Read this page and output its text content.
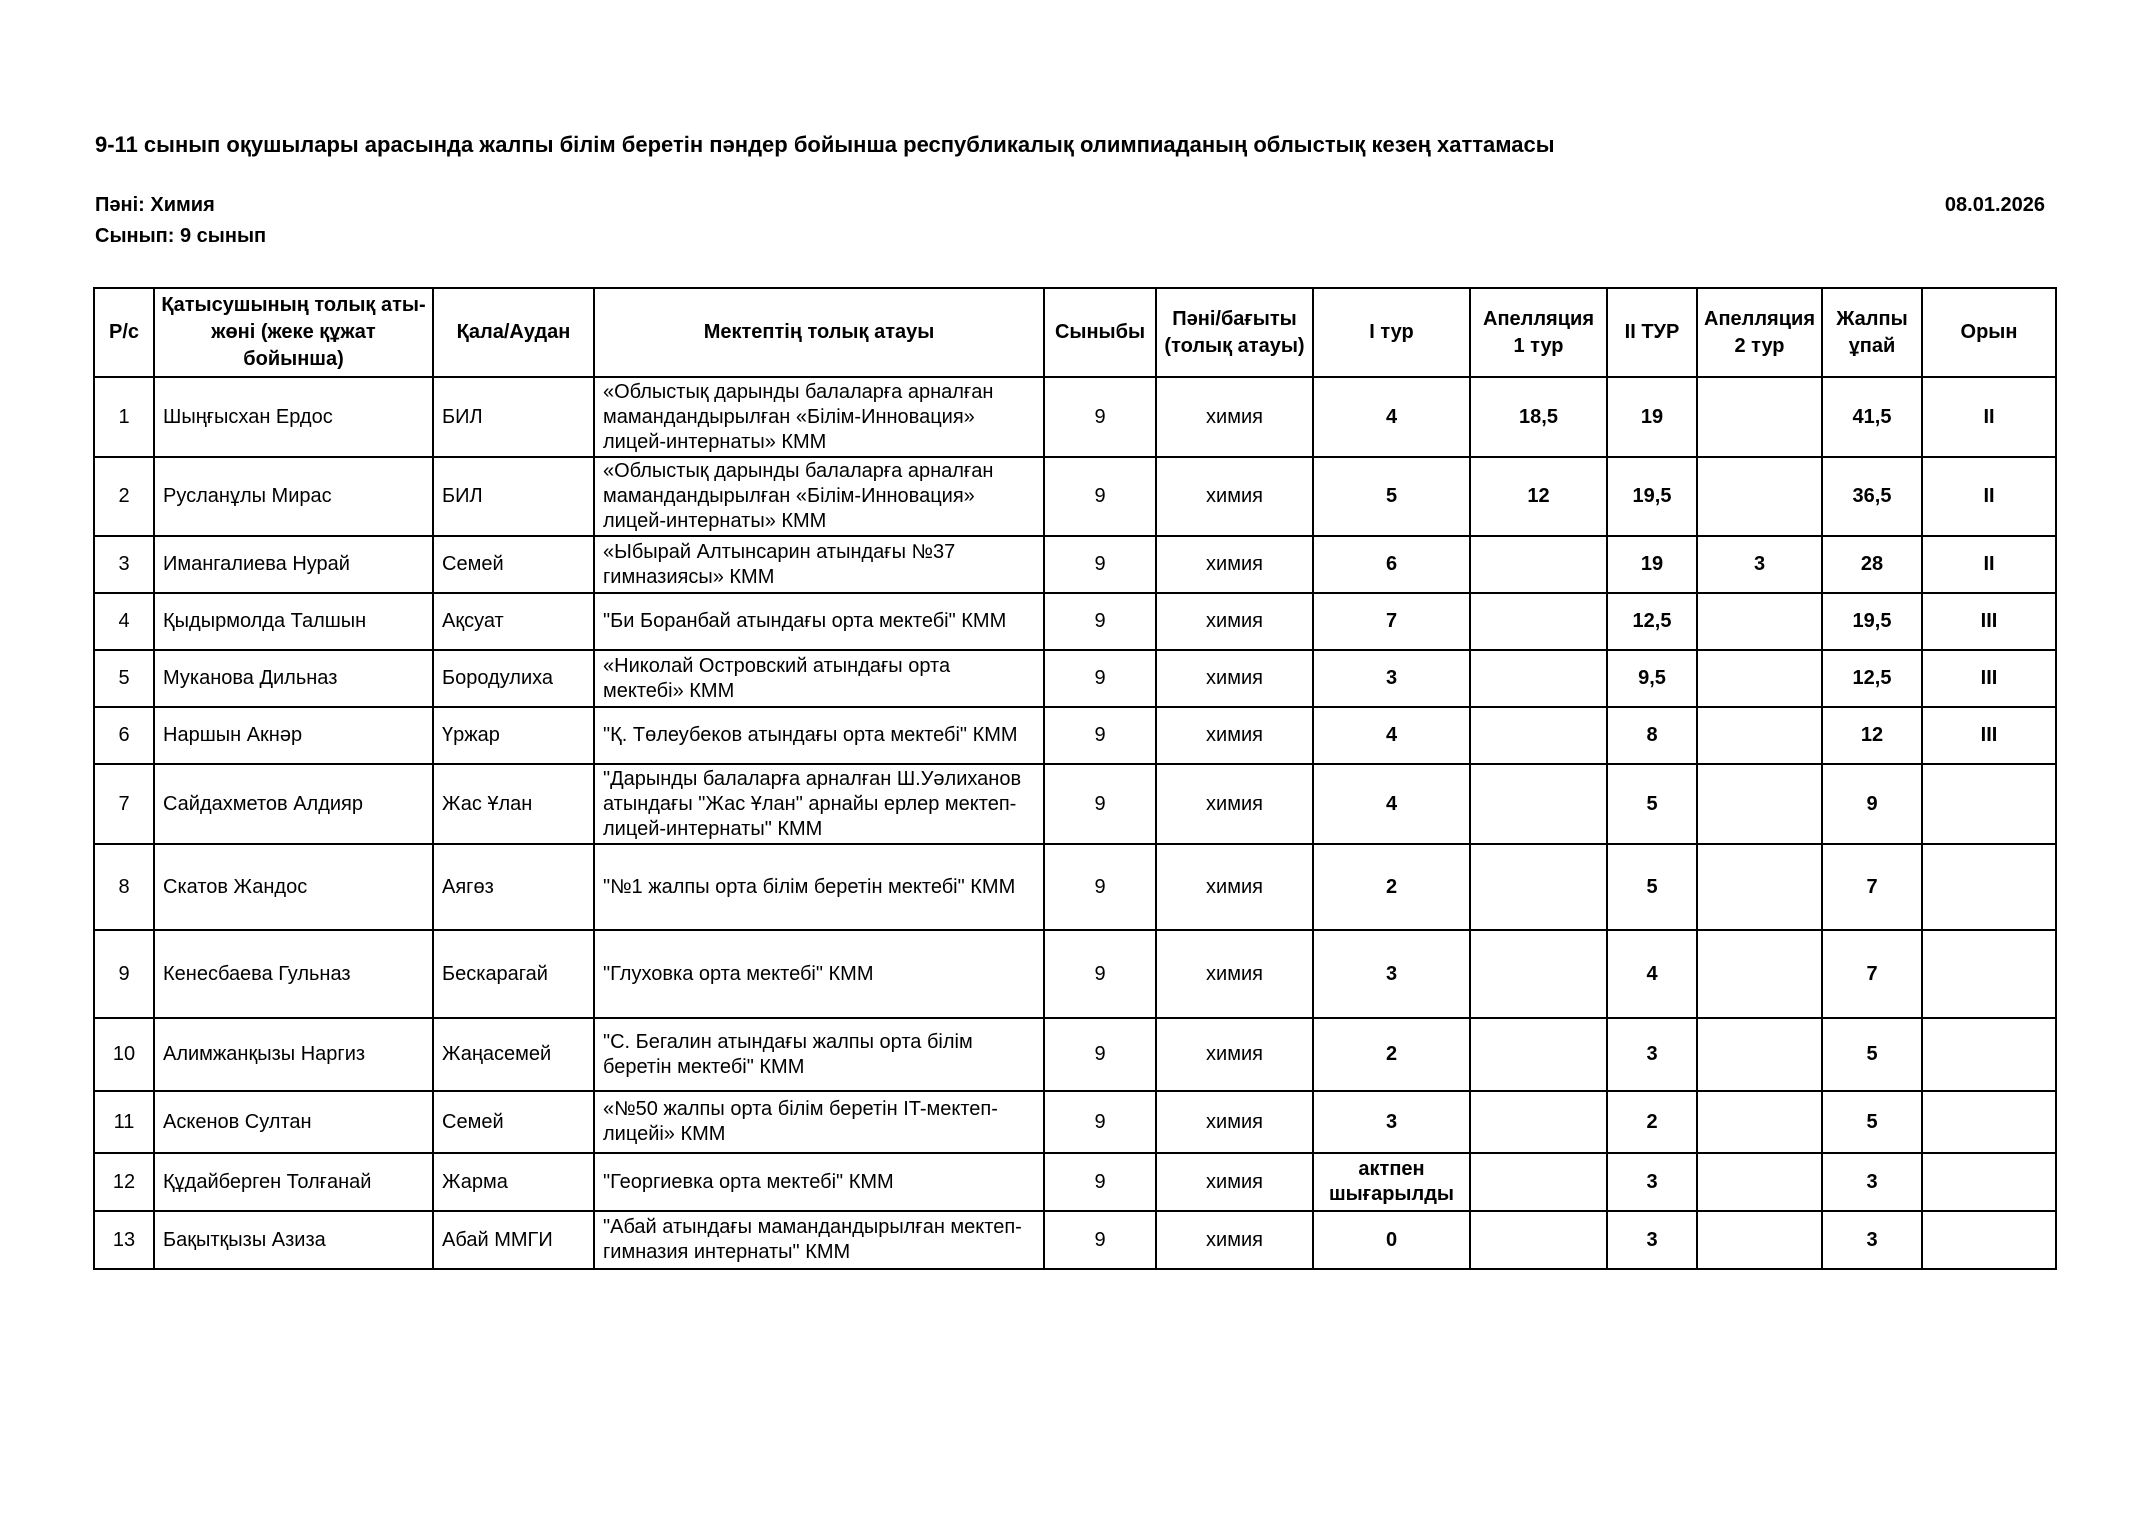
9-11 сынып оқушылары арасында жалпы білім беретін пәндер бойынша республикалық олимпиаданың облыстық кезең хаттамасы
Пәні: Химия
Сынып: 9 сынып
08.01.2026
Р/с	Қатысушының толық аты-жөні (жеке құжат бойынша)	Қала/Аудан	Мектептің толық атауы	Сыныбы	Пәні/бағыты (толық атауы)	I тур	Апелляция 1 тур	II ТУР	Апелляция 2 тур	Жалпы ұпай	Орын
1	Шыңғысхан Ердос	БИЛ	«Облыстық дарынды балаларға арналған мамандандырылған «Білім-Инновация» лицей-интернаты» КММ	9	химия	4	18,5	19		41,5	II
2	Русланұлы Мирас	БИЛ	«Облыстық дарынды балаларға арналған мамандандырылған «Білім-Инновация» лицей-интернаты» КММ	9	химия	5	12	19,5		36,5	II
3	Имангалиева Нурай	Семей	«Ыбырай Алтынсарин атындағы №37 гимназиясы» КММ	9	химия	6		19	3	28	II
4	Қыдырмолда Талшын	Ақсуат	"Би Боранбай атындағы орта мектебі" КММ	9	химия	7		12,5		19,5	III
5	Муканова Дильназ	Бородулиха	«Николай Островский атындағы орта мектебі» КММ	9	химия	3		9,5		12,5	III
6	Наршын Акнәр	Үржар	"Қ. Төлеубеков атындағы орта мектебі" КММ	9	химия	4		8		12	III
7	Сайдахметов Алдияр	Жас Ұлан	"Дарынды балаларға арналған Ш.Уәлиханов атындағы "Жас Ұлан" арнайы ерлер мектеп-лицей-интернаты" КММ	9	химия	4		5		9	
8	Скатов Жандос	Аягөз	"№1 жалпы орта білім беретін мектебі" КММ	9	химия	2		5		7	
9	Кенесбаева Гульназ	Бескарагай	"Глуховка орта мектебі" КММ	9	химия	3		4		7	
10	Алимжанқызы Наргиз	Жаңасемей	"С. Бегалин атындағы жалпы орта білім беретін мектебі" КММ	9	химия	2		3		5	
11	Аскенов Султан	Семей	«№50 жалпы орта білім беретін IT-мектеп-лицейі» КММ	9	химия	3		2		5	
12	Құдайберген Толғанай	Жарма	"Георгиевка орта мектебі" КММ	9	химия	актпен шығарылды		3		3	
13	Бақытқызы Азиза	Абай ММГИ	"Абай атындағы мамандандырылған мектеп-гимназия интернаты" КММ	9	химия	0		3		3	
